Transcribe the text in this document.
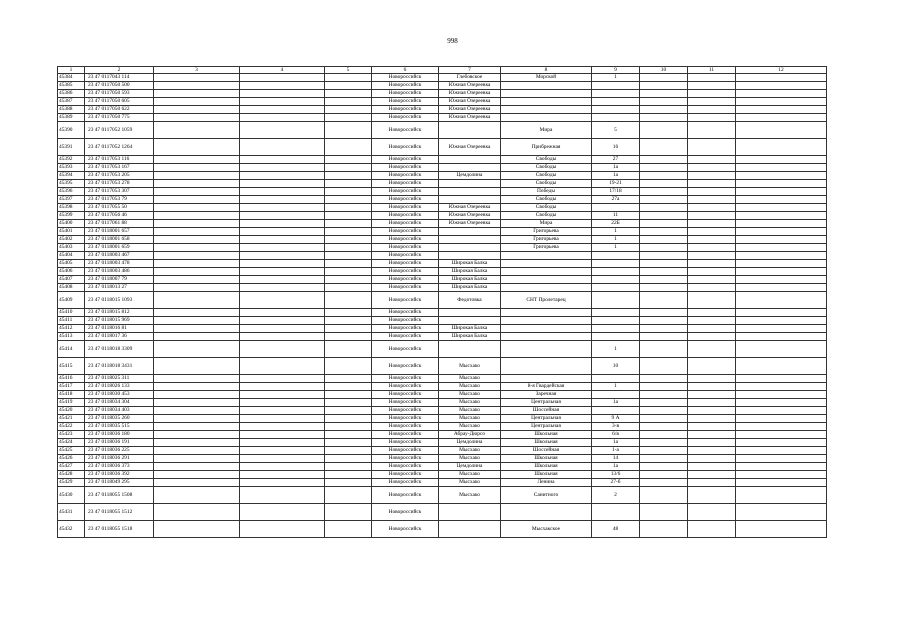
998
1	2	3	4	5	6	7	8	9	10	11	12
45384	23 47 0117043 114				Новороссийск	Глебовское	Морской	1			
45385	23 47 0117050 500				Новороссийск	Южная Озереевка					
45386	23 47 0117050 593				Новороссийск	Южная Озереевка					
45387	23 47 0117050 605				Новороссийск	Южная Озереевка					
45388	23 47 0117050 622				Новороссийск	Южная Озереевка					
45389	23 47 0117050 775				Новороссийск	Южная Озереевка					
45390	23 47 0117052 1059				Новороссийск		Мира	5			
45391	23 47 0117052 1264				Новороссийск	Южная Озереевка	Прибрежная	16			
45392	23 47 0117053 116				Новороссийск		Свободы	27			
45393	23 47 0117053 167				Новороссийск		Свободы	1а			
45394	23 47 0117053 205				Новороссийск	Цемдолина	Свободы	1а			
45395	23 47 0117053 278				Новороссийск		Свободы	19-21			
45396	23 47 0117053 307				Новороссийск		Победы	17/18			
45397	23 47 0117053 79				Новороссийск		Свободы	27а			
45398	23 47 0117055 50				Новороссийск	Южная Озереевка	Свободы				
45399	23 47 0117056 46				Новороссийск	Южная Озереевка	Свободы	11			
45400	23 47 0117061 88				Новороссийск	Южная Озереевка	Мира	22Б			
45401	23 47 0118001 657				Новороссийск		Григорьева	1			
45402	23 47 0118001 658				Новороссийск		Григорьева	1			
45403	23 47 0118001 659				Новороссийск		Григорьева	1			
45404	23 47 0118003 467				Новороссийск						
45405	23 47 0118003 478				Новороссийск	Широкая Балка					
45406	23 47 0118003 486				Новороссийск	Широкая Балка					
45407	23 47 0118007 79				Новороссийск	Широкая Балка					
45408	23 47 0118013 27				Новороссийск	Широкая Балка					
45409	23 47 0118015 1093				Новороссийск	Федотовка	СНТ Пролетарец				
45410	23 47 0118015 812				Новороссийск						
45411	23 47 0118015 969				Новороссийск						
45412	23 47 0118016 81				Новороссийск	Широкая Балка					
45413	23 47 0118017 36				Новороссийск	Широкая Балка					
45414	23 47 0118018 3309				Новороссийск			1			
45415	23 47 0118018 3431				Новороссийск	Мысхако		10			
45416	23 47 0118025 311				Новороссийск	Мысхако					
45417	23 47 0118026 133				Новороссийск	Мысхако	8-я Гвардейская	1			
45418	23 47 0118030 453				Новороссийск	Мысхако	Заречная				
45419	23 47 0118034 304				Новороссийск	Мысхако	Центральная	1а			
45420	23 47 0118034 403				Новороссийск	Мысхако	Шоссейная				
45421	23 47 0118035 260				Новороссийск	Мысхако	Центральная	9 А			
45422	23 47 0118035 515				Новороссийск	Мысхако	Центральная	3-в			
45423	23 47 0118036 180				Новороссийск	Абрау-Дюрсо	Школьная	6/в			
45424	23 47 0118036 191				Новороссийск	Цемдолина	Школьная	1а			
45425	23 47 0118036 225				Новороссийск	Мысхако	Шоссейная	1-а			
45426	23 47 0118036 291				Новороссийск	Мысхако	Школьная	14			
45427	23 47 0118036 373				Новороссийск	Цемдолина	Школьная	1а			
45428	23 47 0118036 392				Новороссийск	Мысхако	Школьная	13/6			
45429	23 47 0118049 295				Новороссийск	Мысхако	Ленина	27-б			
45430	23 47 0118055 1508				Новороссийск	Мысхако	Санитного	2			
45431	23 47 0118055 1512				Новороссийск						
45432	23 47 0118055 1518				Новороссийск		Мысхакское	48			
